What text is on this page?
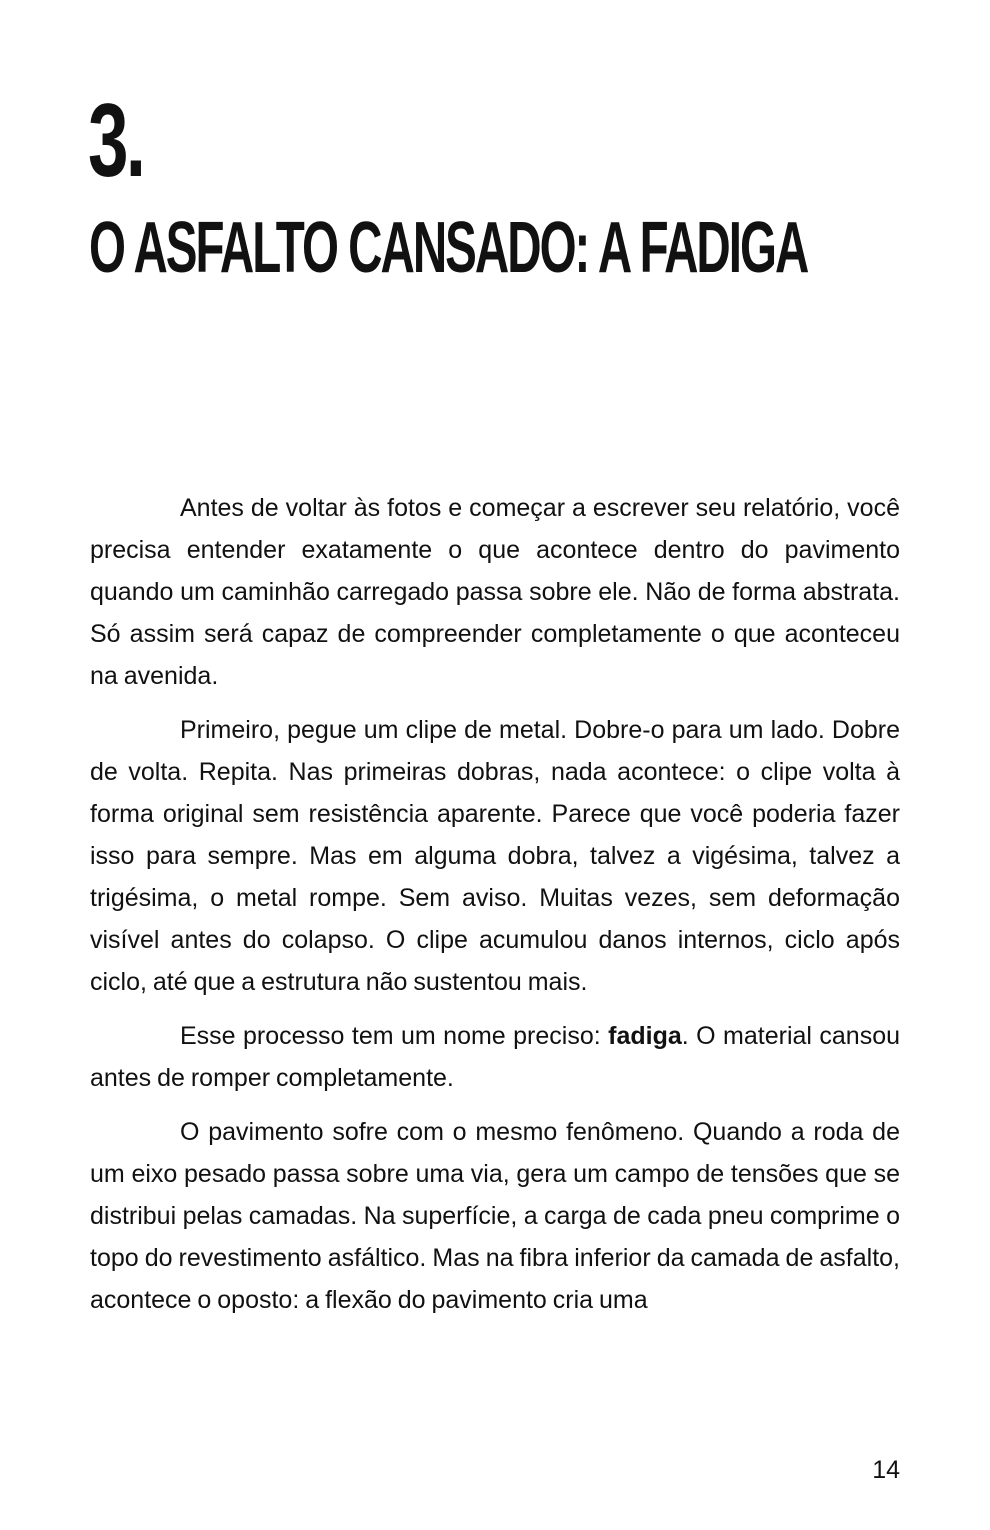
3.
O ASFALTO CANSADO: A FADIGA

Antes de voltar às fotos e começar a escrever seu relatório, você precisa entender exatamente o que acontece dentro do pavimento quando um caminhão carregado passa sobre ele. Não de forma abstrata. Só assim será capaz de compreender completamente o que aconteceu na avenida.

Primeiro, pegue um clipe de metal. Dobre-o para um lado. Dobre de volta. Repita. Nas primeiras dobras, nada acontece: o clipe volta à forma original sem resistência aparente. Parece que você poderia fazer isso para sempre. Mas em alguma dobra, talvez a vigésima, talvez a trigésima, o metal rompe. Sem aviso. Muitas vezes, sem deformação visível antes do colapso. O clipe acumulou danos internos, ciclo após ciclo, até que a estrutura não sustentou mais.

Esse processo tem um nome preciso: fadiga. O material cansou antes de romper completamente.

O pavimento sofre com o mesmo fenômeno. Quando a roda de um eixo pesado passa sobre uma via, gera um campo de tensões que se distribui pelas camadas. Na superfície, a carga de cada pneu comprime o topo do revestimento asfáltico. Mas na fibra inferior da camada de asfalto, acontece o oposto: a flexão do pavimento cria uma

14
